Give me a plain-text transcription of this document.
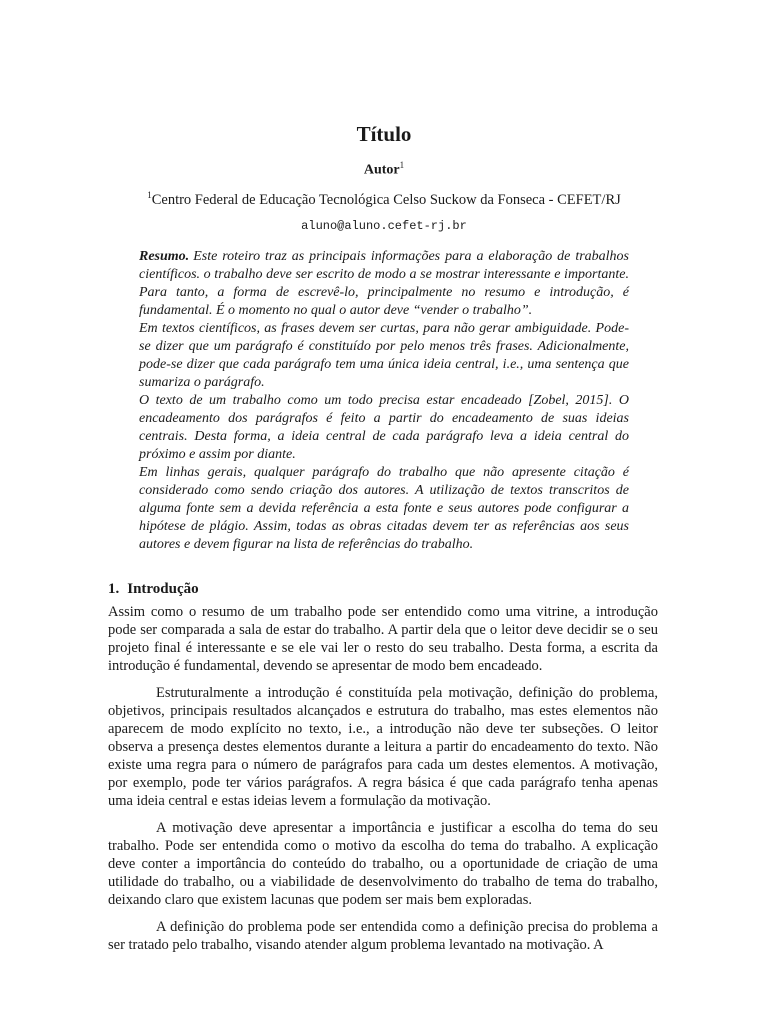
Título
Autor$^1$
$^1$Centro Federal de Educação Tecnológica Celso Suckow da Fonseca - CEFET/RJ
aluno@aluno.cefet-rj.br

Resumo. Este roteiro traz as principais informações para a elaboração de trabalhos científicos. o trabalho deve ser escrito de modo a se mostrar interessante e importante. Para tanto, a forma de escrevê-lo, principalmente no resumo e introdução, é fundamental. É o momento no qual o autor deve “vender o trabalho”.

Em textos científicos, as frases devem ser curtas, para não gerar ambiguidade. Pode-se dizer que um parágrafo é constituído por pelo menos três frases. Adicionalmente, pode-se dizer que cada parágrafo tem uma única ideia central, i.e., uma sentença que sumariza o parágrafo.

O texto de um trabalho como um todo precisa estar encadeado [Zobel, 2015]. O encadeamento dos parágrafos é feito a partir do encadeamento de suas ideias centrais. Desta forma, a ideia central de cada parágrafo leva a ideia central do próximo e assim por diante.

Em linhas gerais, qualquer parágrafo do trabalho que não apresente citação é considerado como sendo criação dos autores. A utilização de textos transcritos de alguma fonte sem a devida referência a esta fonte e seus autores pode configurar a hipótese de plágio. Assim, todas as obras citadas devem ter as referências aos seus autores e devem figurar na lista de referências do trabalho.

1. Introdução

Assim como o resumo de um trabalho pode ser entendido como uma vitrine, a introdução pode ser comparada a sala de estar do trabalho. A partir dela que o leitor deve decidir se o seu projeto final é interessante e se ele vai ler o resto do seu trabalho. Desta forma, a escrita da introdução é fundamental, devendo se apresentar de modo bem encadeado.

Estruturalmente a introdução é constituída pela motivação, definição do problema, objetivos, principais resultados alcançados e estrutura do trabalho, mas estes elementos não aparecem de modo explícito no texto, i.e., a introdução não deve ter subseções. O leitor observa a presença destes elementos durante a leitura a partir do encadeamento do texto. Não existe uma regra para o número de parágrafos para cada um destes elementos. A motivação, por exemplo, pode ter vários parágrafos. A regra básica é que cada parágrafo tenha apenas uma ideia central e estas ideias levem a formulação da motivação.

A motivação deve apresentar a importância e justificar a escolha do tema do seu trabalho. Pode ser entendida como o motivo da escolha do tema do trabalho. A explicação deve conter a importância do conteúdo do trabalho, ou a oportunidade de criação de uma utilidade do trabalho, ou a viabilidade de desenvolvimento do trabalho de tema do trabalho, deixando claro que existem lacunas que podem ser mais bem exploradas.

A definição do problema pode ser entendida como a definição precisa do problema a ser tratado pelo trabalho, visando atender algum problema levantado na motivação. A
